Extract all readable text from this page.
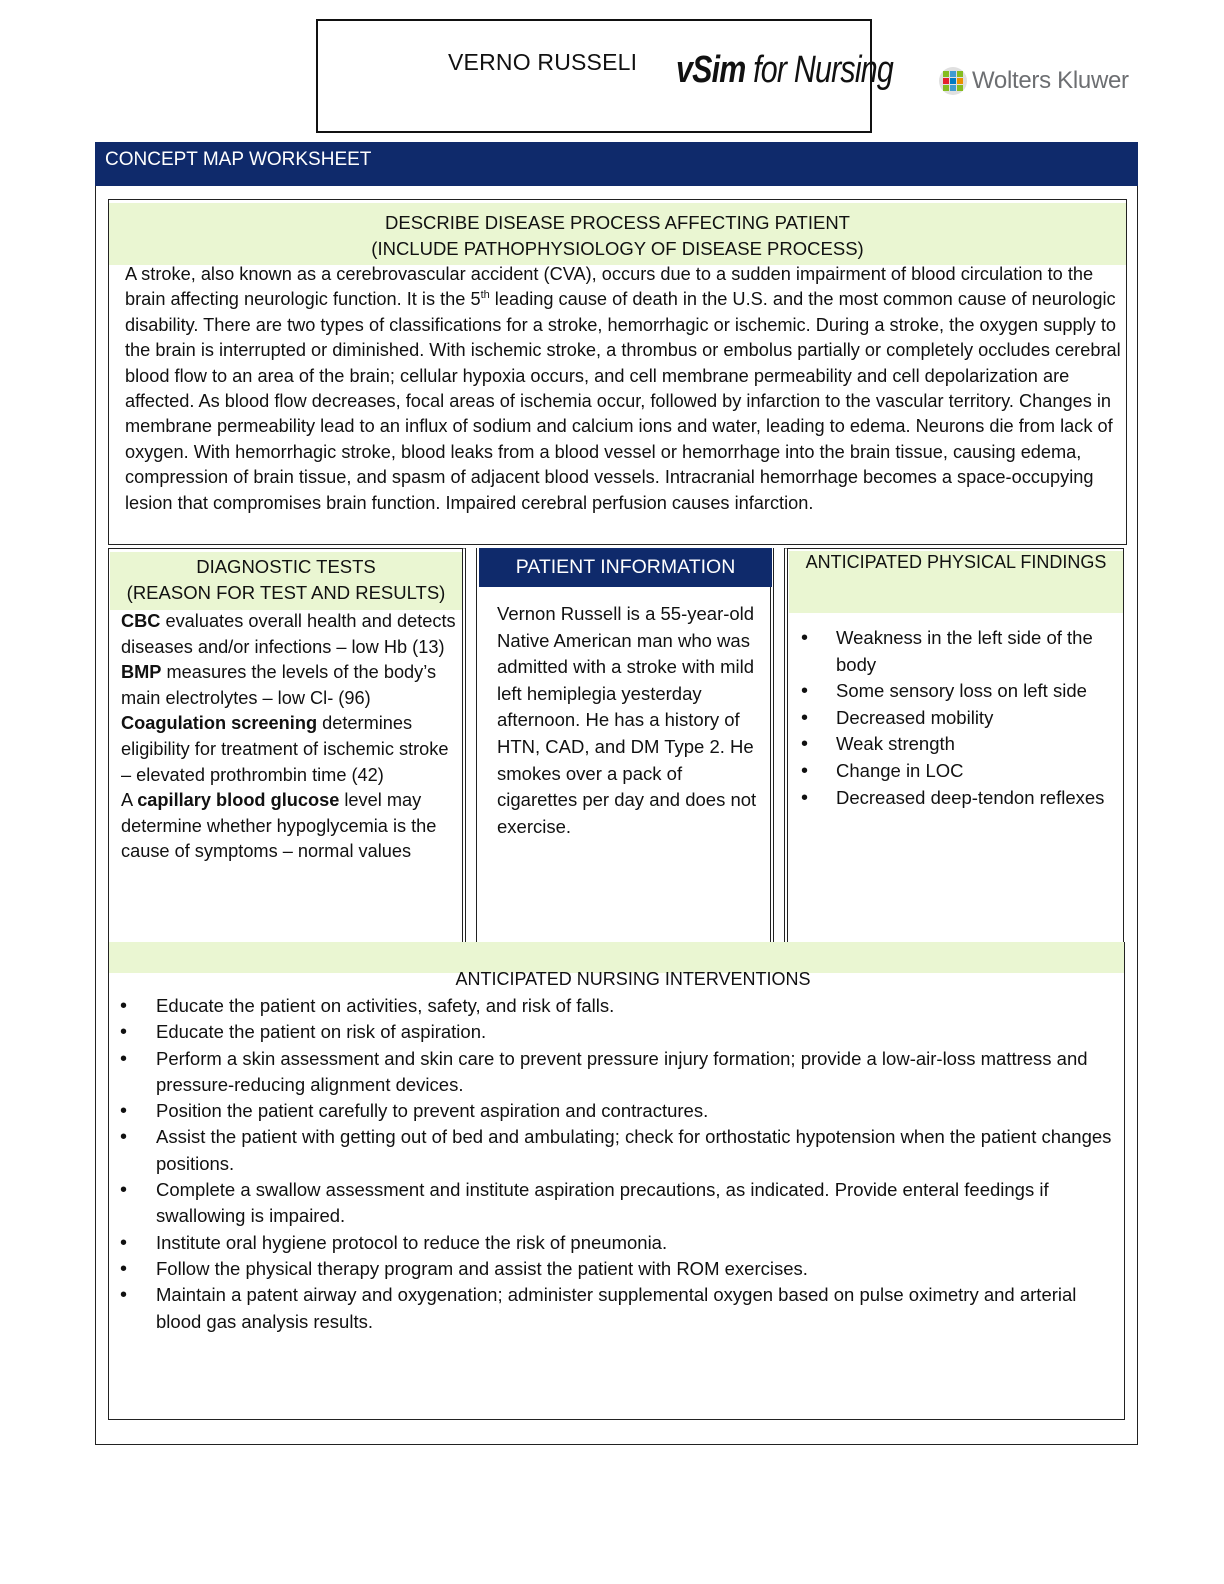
VERNO RUSSELI vSim for Nursing	Wolters Kluwer
CONCEPT MAP WORKSHEET
DESCRIBE DISEASE PROCESS AFFECTING PATIENT
(INCLUDE PATHOPHYSIOLOGY OF DISEASE PROCESS)
A stroke, also known as a cerebrovascular accident (CVA), occurs due to a sudden impairment of blood circulation to the brain affecting neurologic function. It is the 5th leading cause of death in the U.S. and the most common cause of neurologic disability. There are two types of classifications for a stroke, hemorrhagic or ischemic. During a stroke, the oxygen supply to the brain is interrupted or diminished. With ischemic stroke, a thrombus or embolus partially or completely occludes cerebral blood flow to an area of the brain; cellular hypoxia occurs, and cell membrane permeability and cell depolarization are affected. As blood flow decreases, focal areas of ischemia occur, followed by infarction to the vascular territory. Changes in membrane permeability lead to an influx of sodium and calcium ions and water, leading to edema. Neurons die from lack of oxygen. With hemorrhagic stroke, blood leaks from a blood vessel or hemorrhage into the brain tissue, causing edema, compression of brain tissue, and spasm of adjacent blood vessels. Intracranial hemorrhage becomes a space-occupying lesion that compromises brain function. Impaired cerebral perfusion causes infarction.
DIAGNOSTIC TESTS
(REASON FOR TEST AND RESULTS)
CBC evaluates overall health and detects diseases and/or infections – low Hb (13)
BMP measures the levels of the body’s main electrolytes – low Cl- (96)
Coagulation screening determines eligibility for treatment of ischemic stroke – elevated prothrombin time (42)
A capillary blood glucose level may determine whether hypoglycemia is the cause of symptoms – normal values
PATIENT INFORMATION
Vernon Russell is a 55-year-old Native American man who was admitted with a stroke with mild left hemiplegia yesterday afternoon. He has a history of HTN, CAD, and DM Type 2. He smokes over a pack of cigarettes per day and does not exercise.
ANTICIPATED PHYSICAL FINDINGS
• Weakness in the left side of the body
• Some sensory loss on left side
• Decreased mobility
• Weak strength
• Change in LOC
• Decreased deep-tendon reflexes
ANTICIPATED NURSING INTERVENTIONS
• Educate the patient on activities, safety, and risk of falls.
• Educate the patient on risk of aspiration.
• Perform a skin assessment and skin care to prevent pressure injury formation; provide a low-air-loss mattress and pressure-reducing alignment devices.
• Position the patient carefully to prevent aspiration and contractures.
• Assist the patient with getting out of bed and ambulating; check for orthostatic hypotension when the patient changes positions.
• Complete a swallow assessment and institute aspiration precautions, as indicated. Provide enteral feedings if swallowing is impaired.
• Institute oral hygiene protocol to reduce the risk of pneumonia.
• Follow the physical therapy program and assist the patient with ROM exercises.
• Maintain a patent airway and oxygenation; administer supplemental oxygen based on pulse oximetry and arterial blood gas analysis results.
